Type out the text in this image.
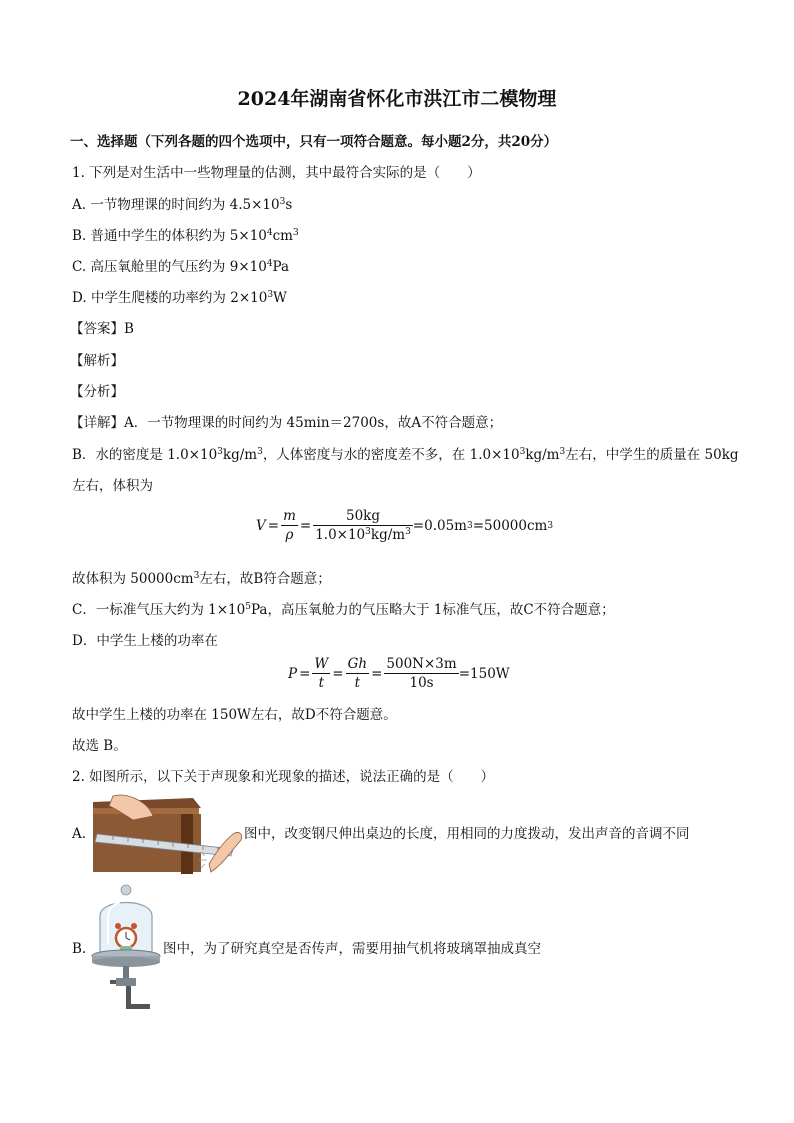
2024年湖南省怀化市洪江市二模物理
一、选择题（下列各题的四个选项中，只有一项符合题意。每小题2分，共20分）
1. 下列是对生活中一些物理量的估测，其中最符合实际的是（　　）
A. 一节物理课的时间约为 $4.5\times 10^3s$
B. 普通中学生的体积约为 $5\times 10^4cm^3$
C. 高压氧舱里的气压约为 $9\times 10^4Pa$
D. 中学生爬楼的功率约为 $2\times 10^3W$
【答案】B
【解析】
【分析】
【详解】A．一节物理课的时间约为 45min＝2700s，故A不符合题意；
B．水的密度是 $1.0\times 10^3kg/m^3$，人体密度与水的密度差不多，在 $1.0\times 10^3kg/m^3$左右，中学生的质量在 50kg
左右，体积为
$V = \frac{m}{\rho} = \frac{50kg}{1.0\times 10^3kg/m^3} =0.05m$ 3 =50000cm 3
故体积为 $50000cm^3$左右，故B符合题意；
C．一标准气压大约为 $1\times 10^5Pa$，高压氧舱力的气压略大于 1标准气压，故C不符合题意；
D．中学生上楼的功率在
$P = \frac{W}{t} = \frac{Gh}{t} = \frac{500N\times 3m}{10s} =150W$
故中学生上楼的功率在 150W左右，故D不符合题意。
故选 B。
2. 如图所示，以下关于声现象和光现象的描述，说法正确的是（　　）
A.	图中，改变钢尺伸出桌边的长度，用相同的力度拨动，发出声音的音调不同
B.	图中，为了研究真空是否传声，需要用抽气机将玻璃罩抽成真空
